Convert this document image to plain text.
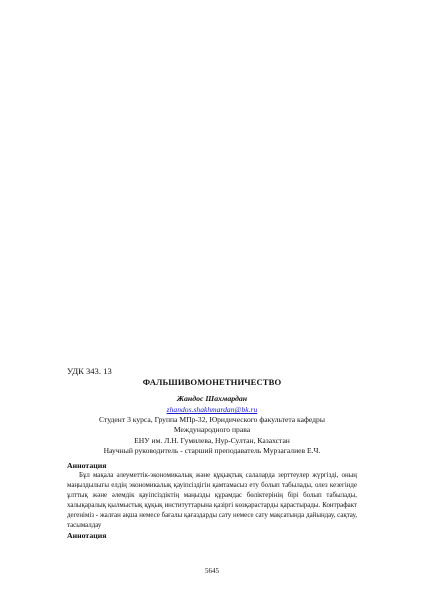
УДК 343. 13
ФАЛЬШИВОМОНЕТНИЧЕСТВО
Жандос Шахмардан
zhandos.shakhmardan@bk.ru
Студент 3 курса, Группа МПр-32, Юридического факультета кафедры
Международного права
ЕНУ им. Л.Н. Гумилева, Нур-Султан, Казахстан
Научный руководитель - старший преподаватель Мурзагалиев Е.Ч.
Аннотация

Бұл мақала әлеуметтік-экономикалық және құқықтық салаларда зерттеулер жүргізді, оның маңыздылығы елдің экономикалық қауіпсіздігін қамтамасыз ету болып табылады, олез кезегінде ұлттық және әлемдік қауіпсіздіктің маңызды құрамдас бөліктерінің бірі болып табылады, халықаралық қылмыстық құқық институттарына қазіргі көзқарастарды қарастырады. Контрафакт дегеніміз - жалған ақша немесе бағалы қағаздарды сату немесе сату мақсатында дайындау, сақтау, тасымалдау

Аннотация
5645
